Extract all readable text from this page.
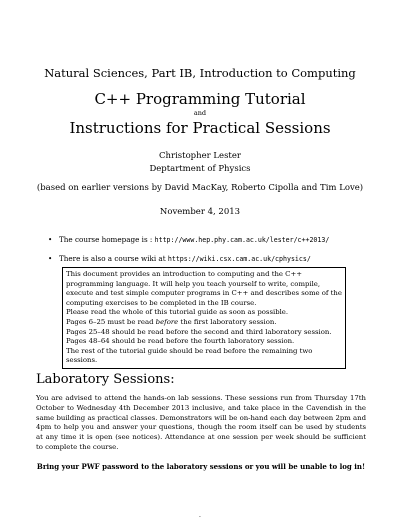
Natural Sciences, Part IB, Introduction to Computing
C++ Programming Tutorial
and
Instructions for Practical Sessions
Christopher Lester
Deptartment of Physics
(based on earlier versions by David MacKay, Roberto Cipolla and Tim Love)
November 4, 2013
• The course homepage is : http://www.hep.phy.cam.ac.uk/lester/c++2013/
• There is also a course wiki at https://wiki.csx.cam.ac.uk/cphysics/
This document provides an introduction to computing and the C++ programming language. It will help you teach yourself to write, compile, execute and test simple computer programs in C++ and describes some of the computing exercises to be completed in the IB course.
Please read the whole of this tutorial guide as soon as possible.
Pages 6–25 must be read before the first laboratory session.
Pages 25–48 should be read before the second and third laboratory session.
Pages 48–64 should be read before the fourth laboratory session.
The rest of the tutorial guide should be read before the remaining two sessions.
Laboratory Sessions:
You are advised to attend the hands-on lab sessions. These sessions run from Thursday 17th October to Wednesday 4th December 2013 inclusive, and take place in the Cavendish in the same building as practical classes. Demonstrators will be on-hand each day between 2pm and 4pm to help you and answer your questions, though the room itself can be used by students at any time it is open (see notices). Attendance at one session per week should be sufficient to complete the course.
Bring your PWF password to the laboratory sessions or you will be unable to log in!
.
